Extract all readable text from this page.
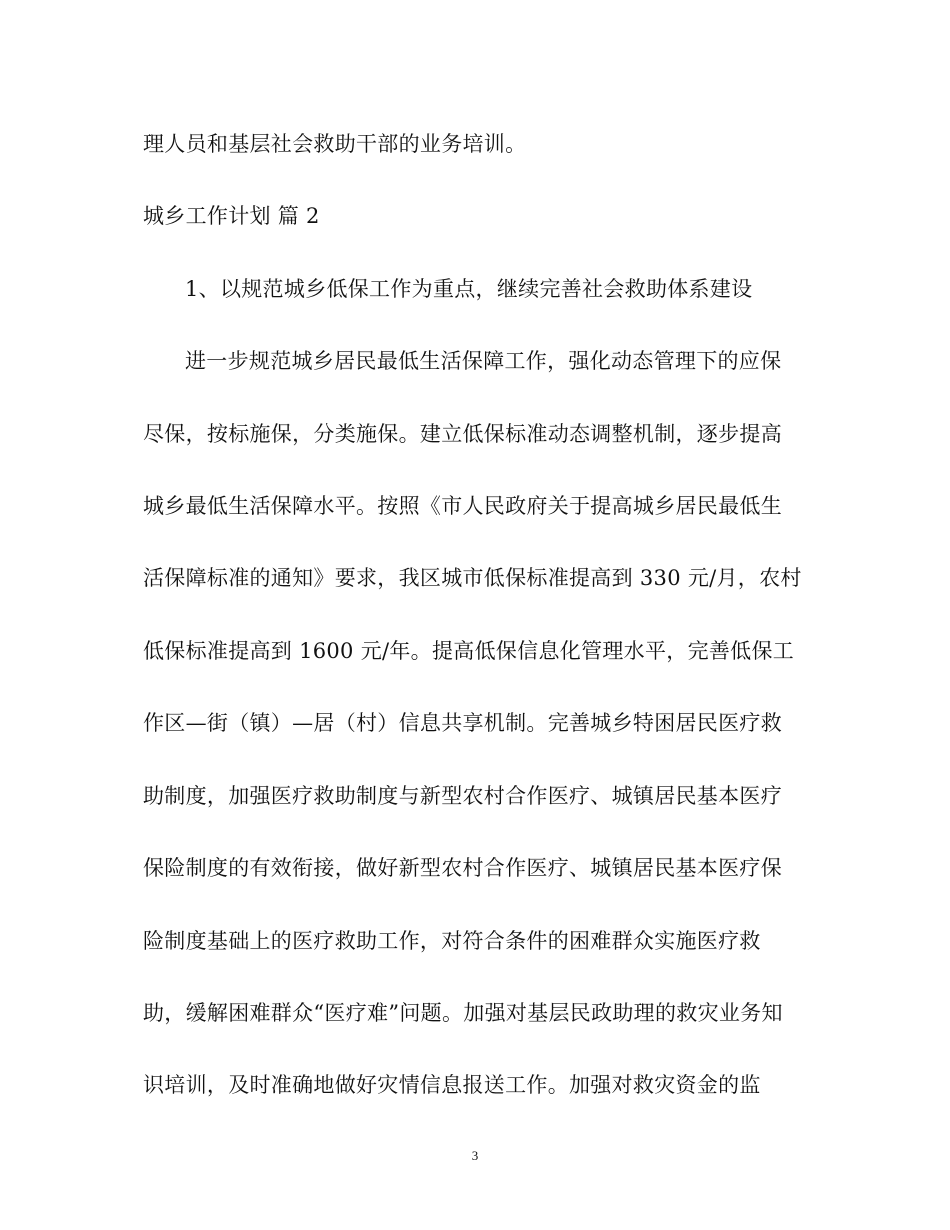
理人员和基层社会救助干部的业务培训。
城乡工作计划 篇 2
1、以规范城乡低保工作为重点，继续完善社会救助体系建设
进一步规范城乡居民最低生活保障工作，强化动态管理下的应保
尽保，按标施保，分类施保。建立低保标准动态调整机制，逐步提高
城乡最低生活保障水平。按照《市人民政府关于提高城乡居民最低生
活保障标准的通知》要求，我区城市低保标准提高到 330 元/月，农村
低保标准提高到 1600 元/年。提高低保信息化管理水平，完善低保工
作区—街（镇）—居（村）信息共享机制。完善城乡特困居民医疗救
助制度，加强医疗救助制度与新型农村合作医疗、城镇居民基本医疗
保险制度的有效衔接，做好新型农村合作医疗、城镇居民基本医疗保
险制度基础上的医疗救助工作，对符合条件的困难群众实施医疗救
助，缓解困难群众“医疗难”问题。加强对基层民政助理的救灾业务知
识培训，及时准确地做好灾情信息报送工作。加强对救灾资金的监
3
